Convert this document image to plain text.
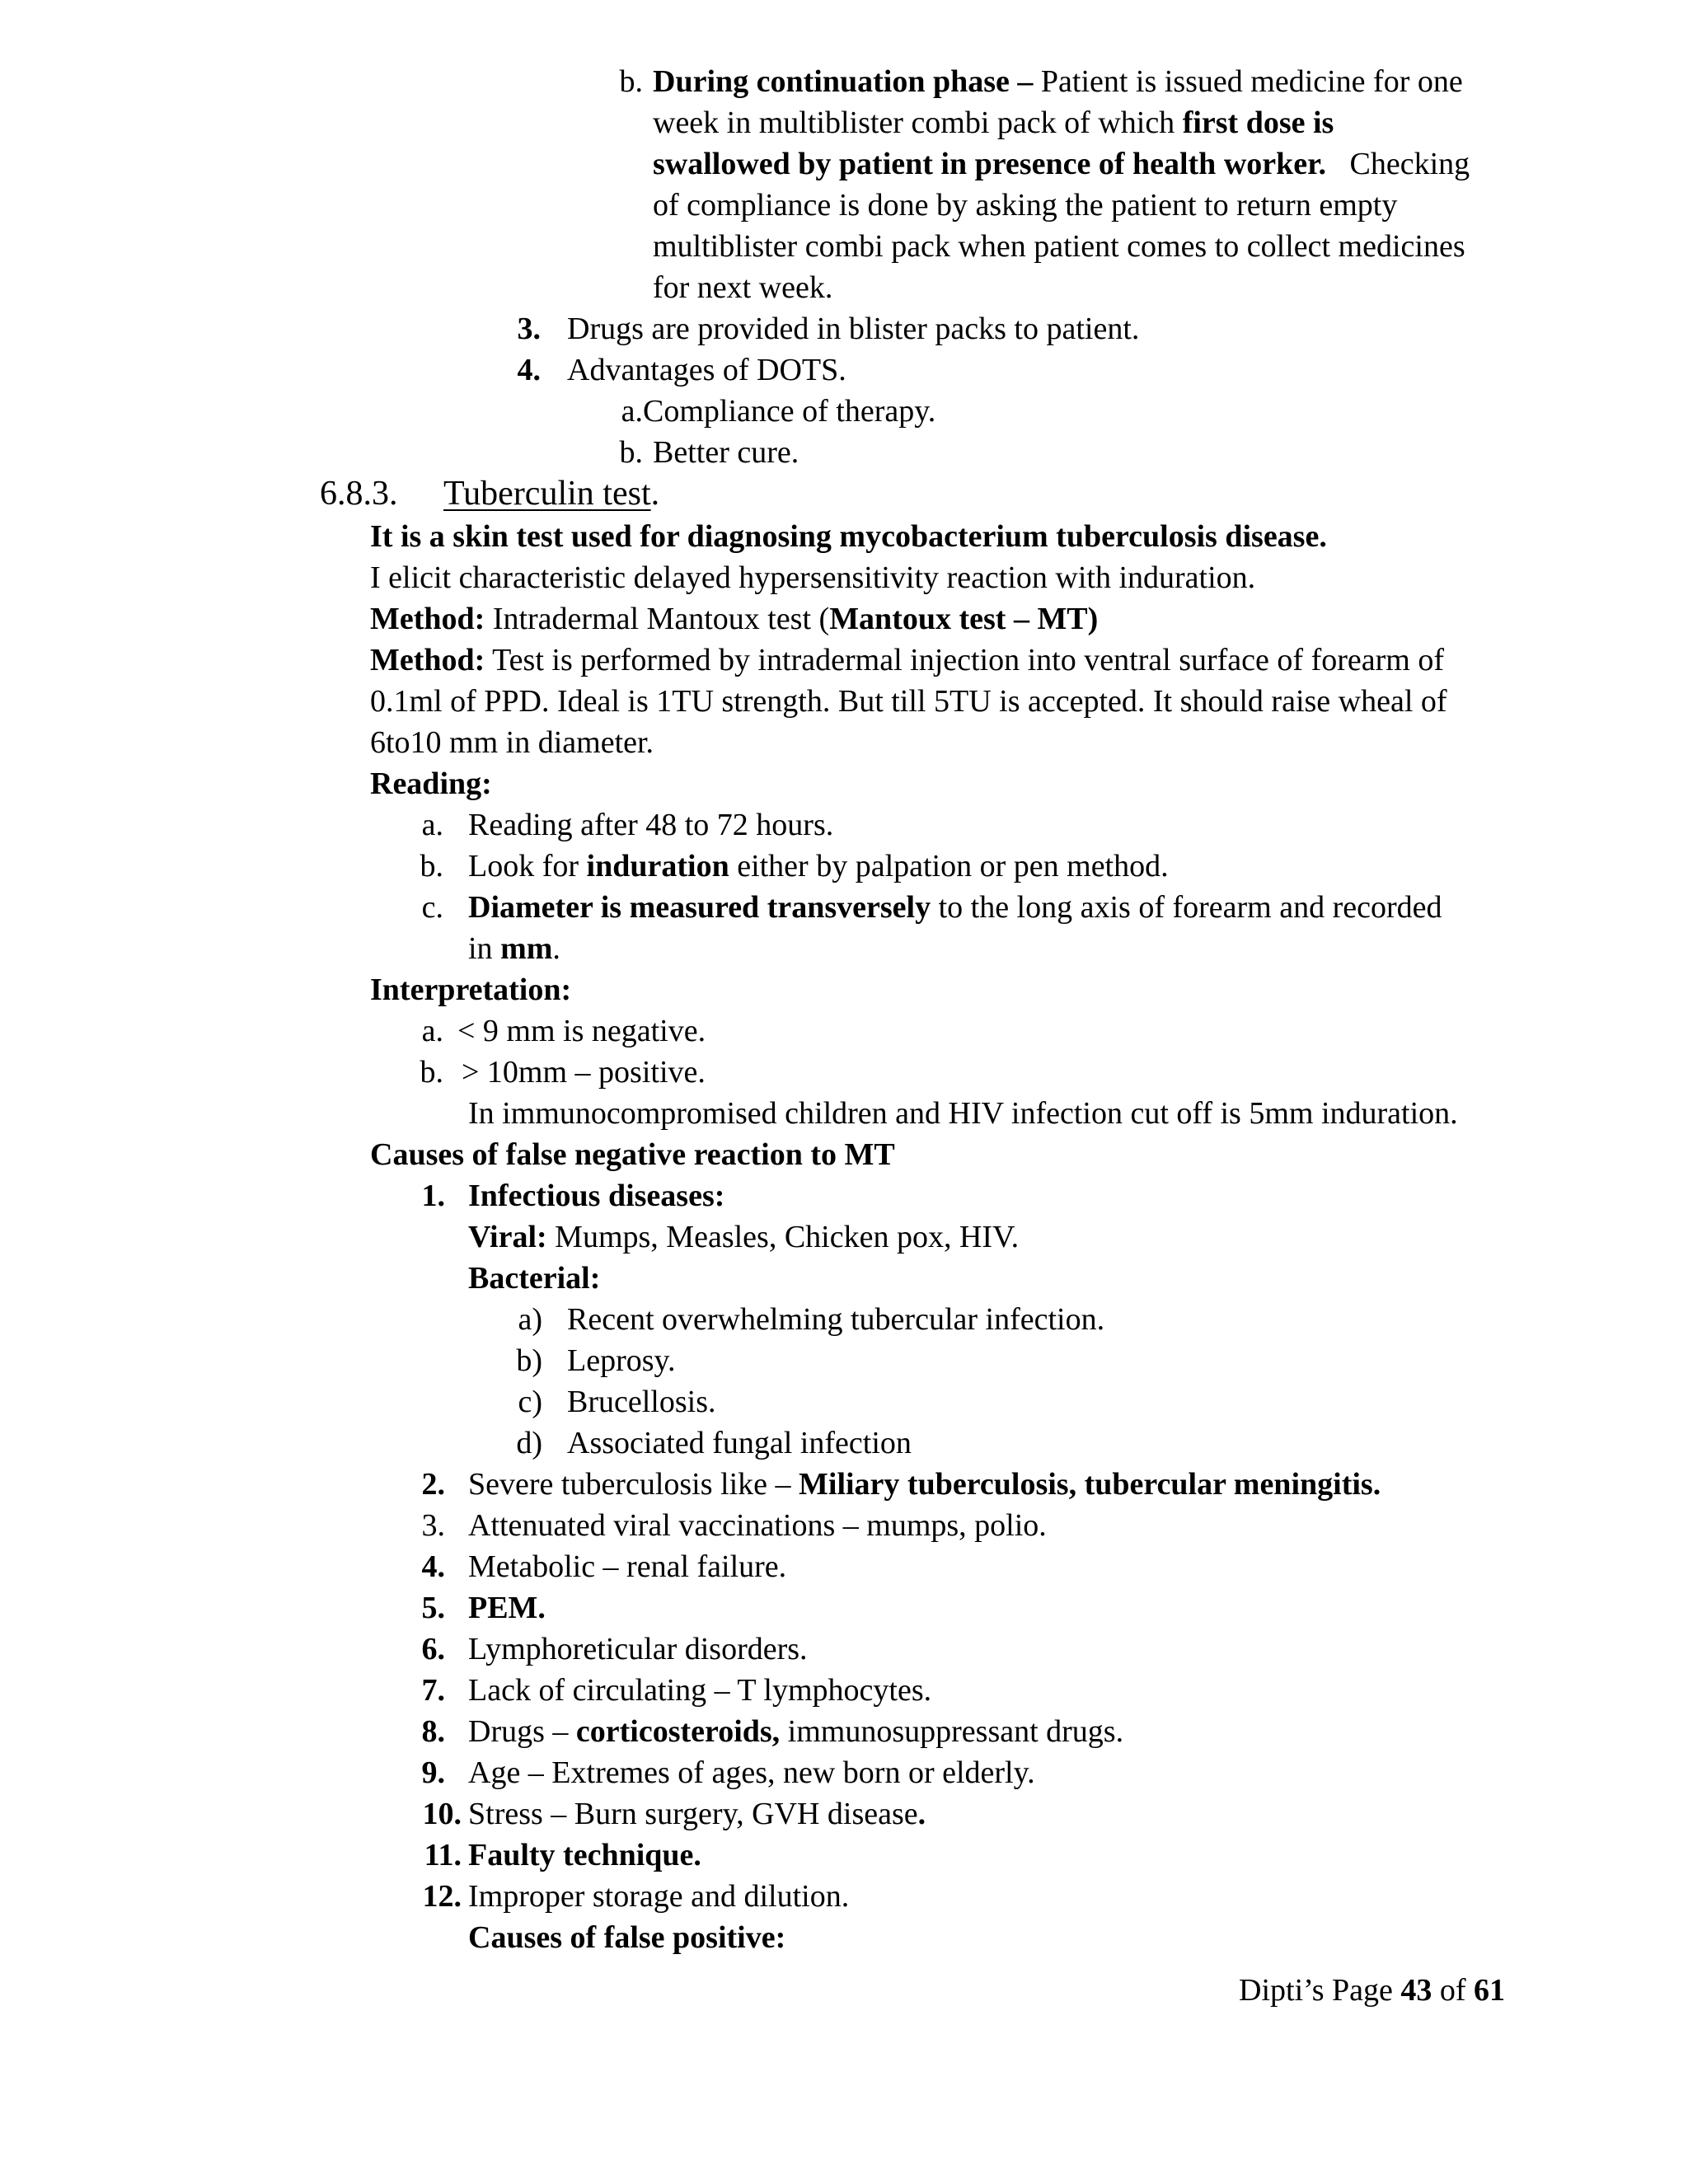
b. During continuation phase – Patient is issued medicine for one
week in multiblister combi pack of which first dose is
swallowed by patient in presence of health worker.   Checking
of compliance is done by asking the patient to return empty
multiblister combi pack when patient comes to collect medicines
for next week.
3. Drugs are provided in blister packs to patient.
4. Advantages of DOTS.
a. Compliance of therapy.
b. Better cure.
6.8.3. Tuberculin test.
It is a skin test used for diagnosing mycobacterium tuberculosis disease.
I elicit characteristic delayed hypersensitivity reaction with induration.
Method: Intradermal Mantoux test (Mantoux test – MT)
Method: Test is performed by intradermal injection into ventral surface of forearm of
0.1ml of PPD. Ideal is 1TU strength. But till 5TU is accepted. It should raise wheal of
6to10 mm in diameter.
Reading:
a. Reading after 48 to 72 hours.
b. Look for induration either by palpation or pen method.
c. Diameter is measured transversely to the long axis of forearm and recorded
in mm.
Interpretation:
a. < 9 mm is negative.
b. > 10mm – positive.
In immunocompromised children and HIV infection cut off is 5mm induration.
Causes of false negative reaction to MT
1. Infectious diseases:
Viral: Mumps, Measles, Chicken pox, HIV.
Bacterial:
a) Recent overwhelming tubercular infection.
b) Leprosy.
c) Brucellosis.
d) Associated fungal infection
2. Severe tuberculosis like – Miliary tuberculosis, tubercular meningitis.
3. Attenuated viral vaccinations – mumps, polio.
4. Metabolic – renal failure.
5. PEM.
6. Lymphoreticular disorders.
7. Lack of circulating – T lymphocytes.
8. Drugs – corticosteroids, immunosuppressant drugs.
9. Age – Extremes of ages, new born or elderly.
10. Stress – Burn surgery, GVH disease.
11. Faulty technique.
12. Improper storage and dilution.
Causes of false positive:
Dipti’s Page 43 of 61
